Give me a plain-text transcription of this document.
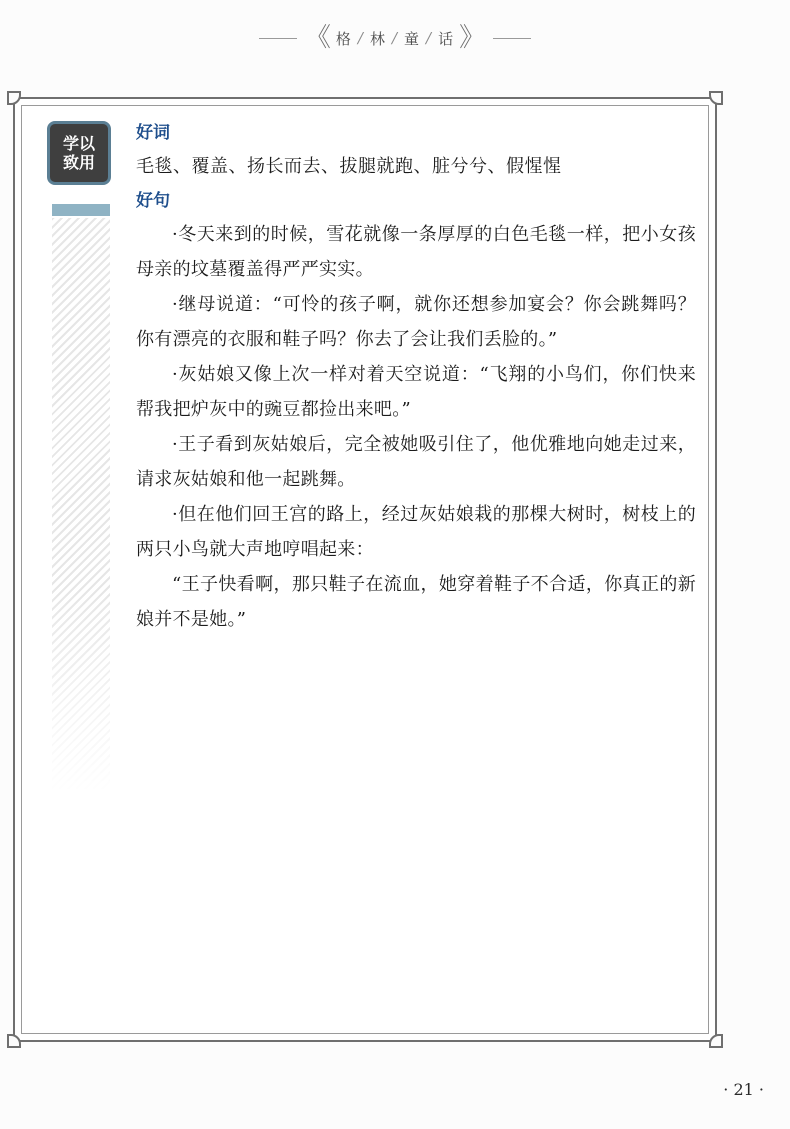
《 格 / 林 / 童 / 话 》
学以
致用

好词

毛毯、覆盖、扬长而去、拔腿就跑、脏兮兮、假惺惺

好句

·冬天来到的时候，雪花就像一条厚厚的白色毛毯一样，把小女孩母亲的坟墓覆盖得严严实实。

·继母说道：“可怜的孩子啊，就你还想参加宴会？你会跳舞吗？你有漂亮的衣服和鞋子吗？你去了会让我们丢脸的。”

·灰姑娘又像上次一样对着天空说道：“飞翔的小鸟们，你们快来帮我把炉灰中的豌豆都捡出来吧。”

·王子看到灰姑娘后，完全被她吸引住了，他优雅地向她走过来，请求灰姑娘和他一起跳舞。

·但在他们回王宫的路上，经过灰姑娘栽的那棵大树时，树枝上的两只小鸟就大声地哼唱起来：

“王子快看啊，那只鞋子在流血，她穿着鞋子不合适，你真正的新娘并不是她。”

· 21 ·
